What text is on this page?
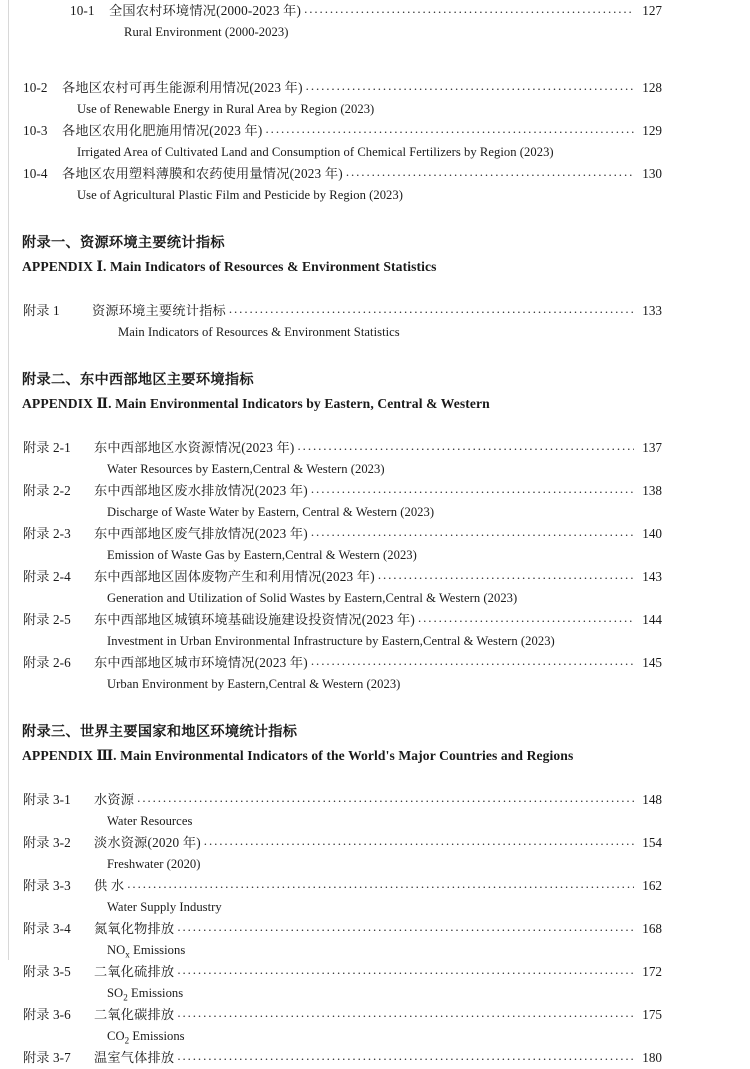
10-1	全国农村环境情况(2000-2023 年) .....	127
Rural Environment (2000-2023)
10-2	各地区农村可再生能源利用情况(2023 年) .....	128
Use of Renewable Energy in Rural Area by Region (2023)
10-3	各地区农用化肥施用情况(2023 年) .....	129
Irrigated Area of Cultivated Land and Consumption of Chemical Fertilizers by Region (2023)
10-4	各地区农用塑料薄膜和农药使用量情况(2023 年) .....	130
Use of Agricultural Plastic Film and Pesticide by Region (2023)
附录一、资源环境主要统计指标
APPENDIX Ⅰ. Main Indicators of Resources & Environment Statistics
附录 1	资源环境主要统计指标 .....	133
Main Indicators of Resources & Environment Statistics
附录二、东中西部地区主要环境指标
APPENDIX Ⅱ. Main Environmental Indicators by Eastern, Central & Western
附录 2-1	东中西部地区水资源情况(2023 年) .....	137
Water Resources by Eastern,Central & Western (2023)
附录 2-2	东中西部地区废水排放情况(2023 年) .....	138
Discharge of Waste Water by Eastern, Central & Western (2023)
附录 2-3	东中西部地区废气排放情况(2023 年) .....	140
Emission of Waste Gas by Eastern,Central & Western (2023)
附录 2-4	东中西部地区固体废物产生和利用情况(2023 年) .....	143
Generation and Utilization of Solid Wastes by Eastern,Central & Western (2023)
附录 2-5	东中西部地区城镇环境基础设施建设投资情况(2023 年) .....	144
Investment in Urban Environmental Infrastructure by Eastern,Central & Western (2023)
附录 2-6	东中西部地区城市环境情况(2023 年) .....	145
Urban Environment by Eastern,Central & Western (2023)
附录三、世界主要国家和地区环境统计指标
APPENDIX Ⅲ. Main Environmental Indicators of the World's Major Countries and Regions
附录 3-1	水资源 .....	148
Water Resources
附录 3-2	淡水资源(2020 年) .....	154
Freshwater (2020)
附录 3-3	供 水 .....	162
Water Supply Industry
附录 3-4	氮氧化物排放 .....	168
$NO_x$ Emissions
附录 3-5	二氧化硫排放 .....	172
$SO_2$ Emissions
附录 3-6	二氧化碳排放 .....	175
$CO_2$ Emissions
附录 3-7	温室气体排放 .....	180
